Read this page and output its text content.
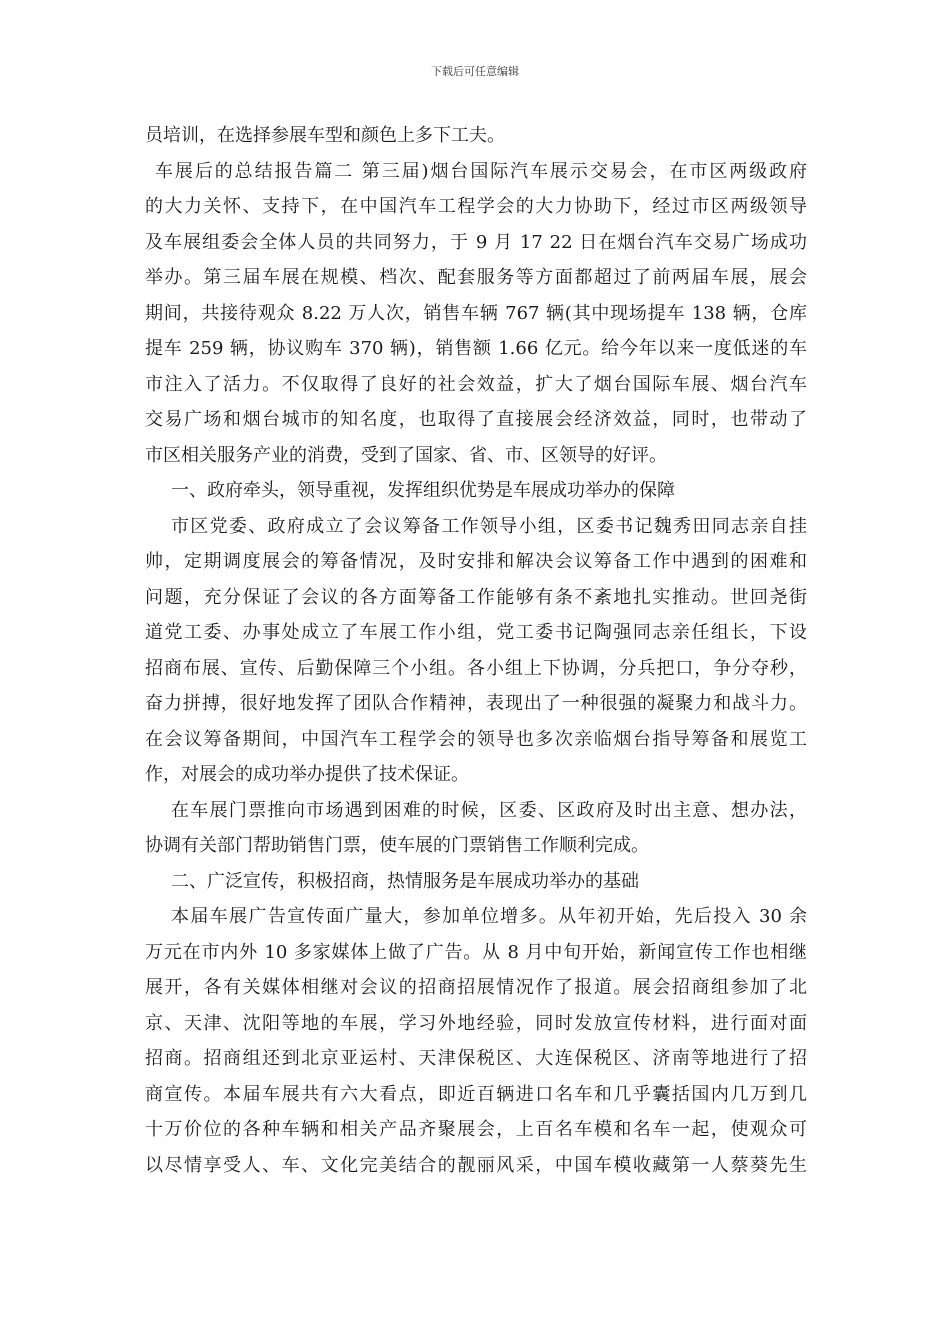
下载后可任意编辑
员培训，在选择参展车型和颜色上多下工夫。
车展后的总结报告篇二 第三届)烟台国际汽车展示交易会，在市区两级政府
的大力关怀、支持下，在中国汽车工程学会的大力协助下，经过市区两级领导
及车展组委会全体人员的共同努力，于 9 月 17 22 日在烟台汽车交易广场成功
举办。第三届车展在规模、档次、配套服务等方面都超过了前两届车展，展会
期间，共接待观众 8.22 万人次，销售车辆 767 辆(其中现场提车 138 辆，仓库
提车 259 辆，协议购车 370 辆)，销售额 1.66 亿元。给今年以来一度低迷的车
市注入了活力。不仅取得了良好的社会效益，扩大了烟台国际车展、烟台汽车
交易广场和烟台城市的知名度，也取得了直接展会经济效益，同时，也带动了
市区相关服务产业的消费，受到了国家、省、市、区领导的好评。
一、政府牵头，领导重视，发挥组织优势是车展成功举办的保障
市区党委、政府成立了会议筹备工作领导小组，区委书记魏秀田同志亲自挂
帅，定期调度展会的筹备情况，及时安排和解决会议筹备工作中遇到的困难和
问题，充分保证了会议的各方面筹备工作能够有条不紊地扎实推动。世回尧街
道党工委、办事处成立了车展工作小组，党工委书记陶强同志亲任组长，下设
招商布展、宣传、后勤保障三个小组。各小组上下协调，分兵把口，争分夺秒，
奋力拼搏，很好地发挥了团队合作精神，表现出了一种很强的凝聚力和战斗力。
在会议筹备期间，中国汽车工程学会的领导也多次亲临烟台指导筹备和展览工
作，对展会的成功举办提供了技术保证。
在车展门票推向市场遇到困难的时候，区委、区政府及时出主意、想办法，
协调有关部门帮助销售门票，使车展的门票销售工作顺利完成。
二、广泛宣传，积极招商，热情服务是车展成功举办的基础
本届车展广告宣传面广量大，参加单位增多。从年初开始，先后投入 30 余
万元在市内外 10 多家媒体上做了广告。从 8 月中旬开始，新闻宣传工作也相继
展开，各有关媒体相继对会议的招商招展情况作了报道。展会招商组参加了北
京、天津、沈阳等地的车展，学习外地经验，同时发放宣传材料，进行面对面
招商。招商组还到北京亚运村、天津保税区、大连保税区、济南等地进行了招
商宣传。本届车展共有六大看点，即近百辆进口名车和几乎囊括国内几万到几
十万价位的各种车辆和相关产品齐聚展会，上百名车模和名车一起，使观众可
以尽情享受人、车、文化完美结合的靓丽风采，中国车模收藏第一人蔡葵先生
